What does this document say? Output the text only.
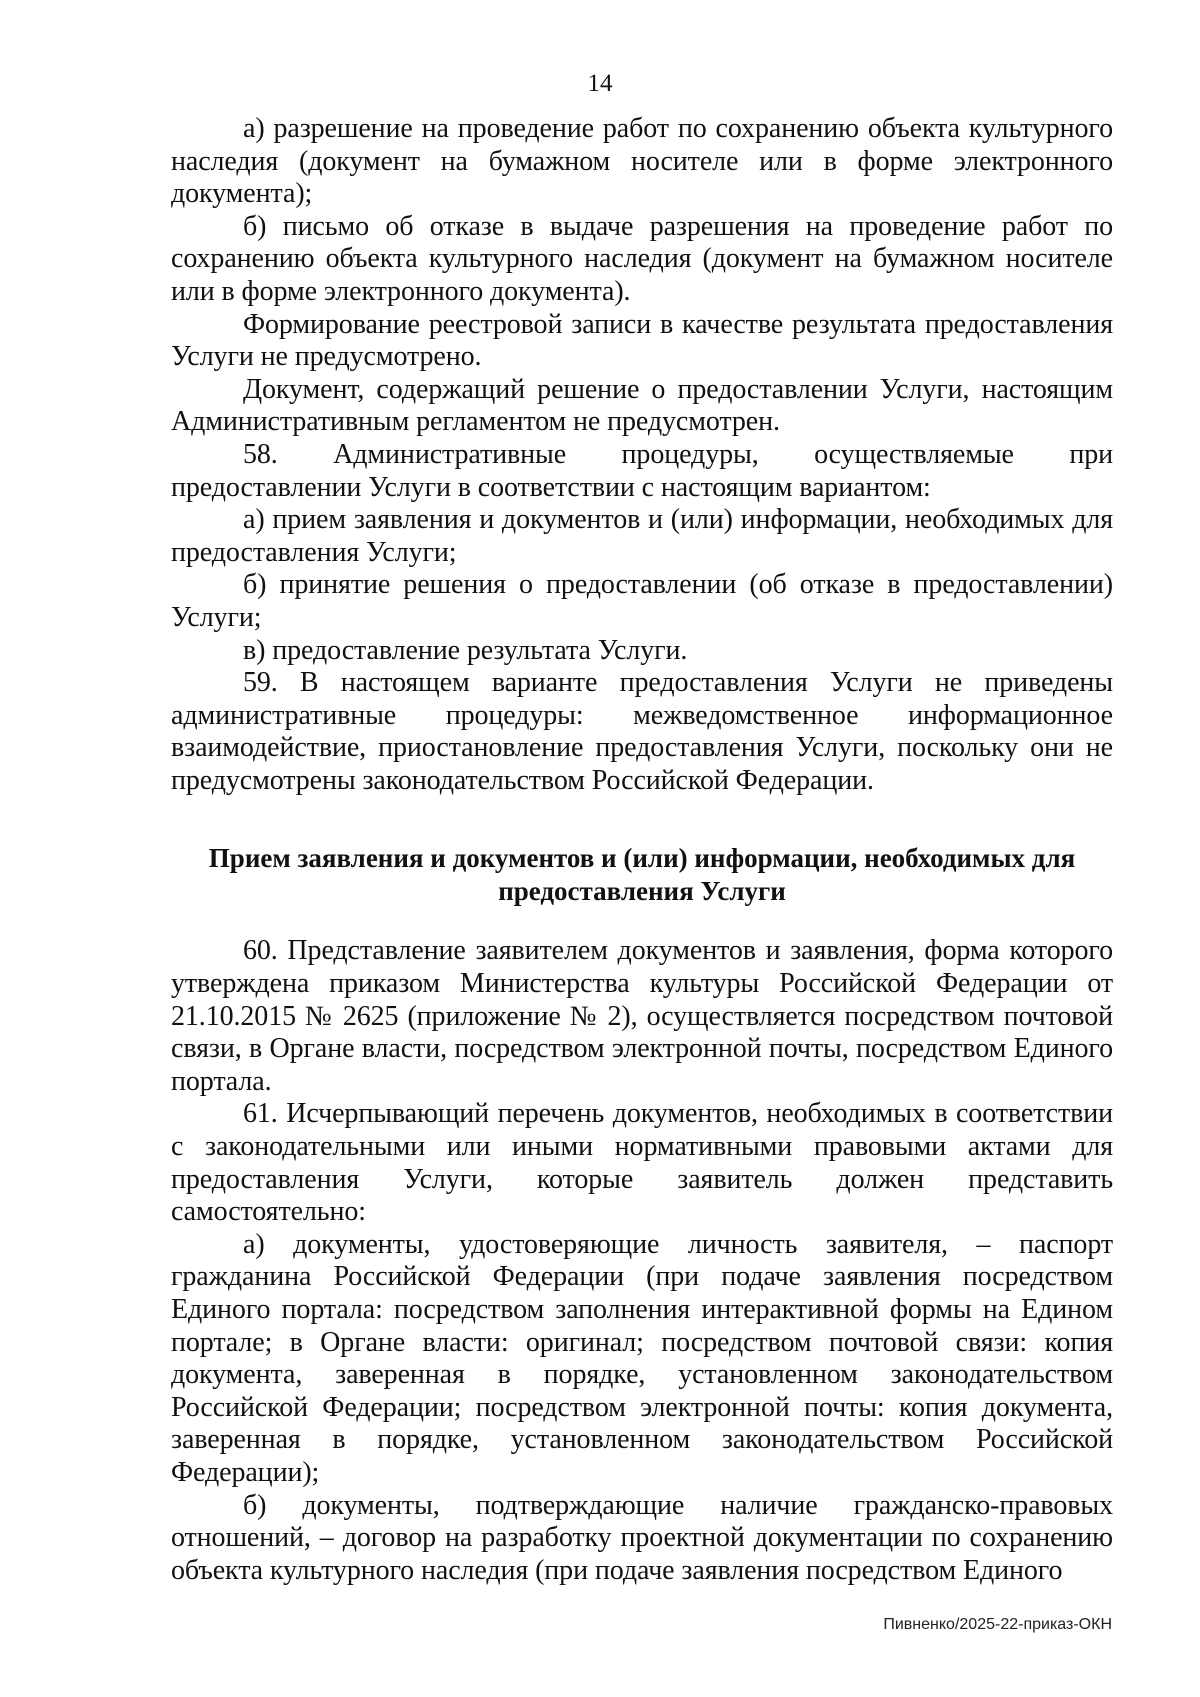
14

а) разрешение на проведение работ по сохранению объекта культурного наследия (документ на бумажном носителе или в форме электронного документа);

б) письмо об отказе в выдаче разрешения на проведение работ по сохранению объекта культурного наследия (документ на бумажном носителе или в форме электронного документа).

Формирование реестровой записи в качестве результата предоставления Услуги не предусмотрено.

Документ, содержащий решение о предоставлении Услуги, настоящим Административным регламентом не предусмотрен.

58. Административные процедуры, осуществляемые при предоставлении Услуги в соответствии с настоящим вариантом:

а) прием заявления и документов и (или) информации, необходимых для предоставления Услуги;

б) принятие решения о предоставлении (об отказе в предоставлении) Услуги;

в) предоставление результата Услуги.

59. В настоящем варианте предоставления Услуги не приведены административные процедуры: межведомственное информационное взаимодействие, приостановление предоставления Услуги, поскольку они не предусмотрены законодательством Российской Федерации.

Прием заявления и документов и (или) информации, необходимых для
предоставления Услуги

60. Представление заявителем документов и заявления, форма которого утверждена приказом Министерства культуры Российской Федерации от 21.10.2015 № 2625 (приложение № 2), осуществляется посредством почтовой связи, в Органе власти, посредством электронной почты, посредством Единого портала.

61. Исчерпывающий перечень документов, необходимых в соответствии с законодательными или иными нормативными правовыми актами для предоставления Услуги, которые заявитель должен представить самостоятельно:

а) документы, удостоверяющие личность заявителя, – паспорт гражданина Российской Федерации (при подаче заявления посредством Единого портала: посредством заполнения интерактивной формы на Едином портале; в Органе власти: оригинал; посредством почтовой связи: копия документа, заверенная в порядке, установленном законодательством Российской Федерации; посредством электронной почты: копия документа, заверенная в порядке, установленном законодательством Российской Федерации);

б) документы, подтверждающие наличие гражданско-правовых отношений, – договор на разработку проектной документации по сохранению объекта культурного наследия (при подаче заявления посредством Единого

Пивненко/2025-22-приказ-ОКН
